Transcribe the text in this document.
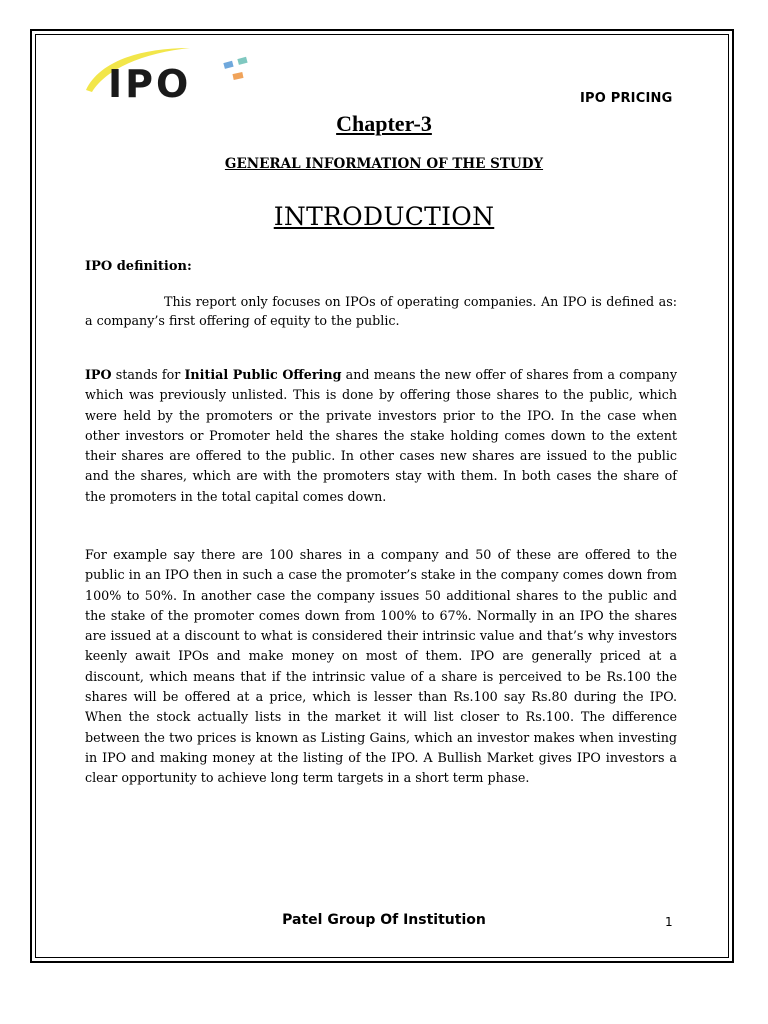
IPO	IPO PRICING
Chapter-3
GENERAL INFORMATION OF THE STUDY
INTRODUCTION
IPO definition:
This report only focuses on IPOs of operating companies. An IPO is defined as: a company’s first offering of equity to the public.
IPO stands for Initial Public Offering and means the new offer of shares from a company which was previously unlisted. This is done by offering those shares to the public, which were held by the promoters or the private investors prior to the IPO. In the case when other investors or Promoter held the shares the stake holding comes down to the extent their shares are offered to the public. In other cases new shares are issued to the public and the shares, which are with the promoters stay with them. In both cases the share of the promoters in the total capital comes down.
For example say there are 100 shares in a company and 50 of these are offered to the public in an IPO then in such a case the promoter’s stake in the company comes down from 100% to 50%. In another case the company issues 50 additional shares to the public and the stake of the promoter comes down from 100% to 67%. Normally in an IPO the shares are issued at a discount to what is considered their intrinsic value and that’s why investors keenly await IPOs and make money on most of them. IPO are generally priced at a discount, which means that if the intrinsic value of a share is perceived to be Rs.100 the shares will be offered at a price, which is lesser than Rs.100 say Rs.80 during the IPO. When the stock actually lists in the market it will list closer to Rs.100. The difference between the two prices is known as Listing Gains, which an investor makes when investing in IPO and making money at the listing of the IPO. A Bullish Market gives IPO investors a clear opportunity to achieve long term targets in a short term phase.
Patel Group Of Institution	1
